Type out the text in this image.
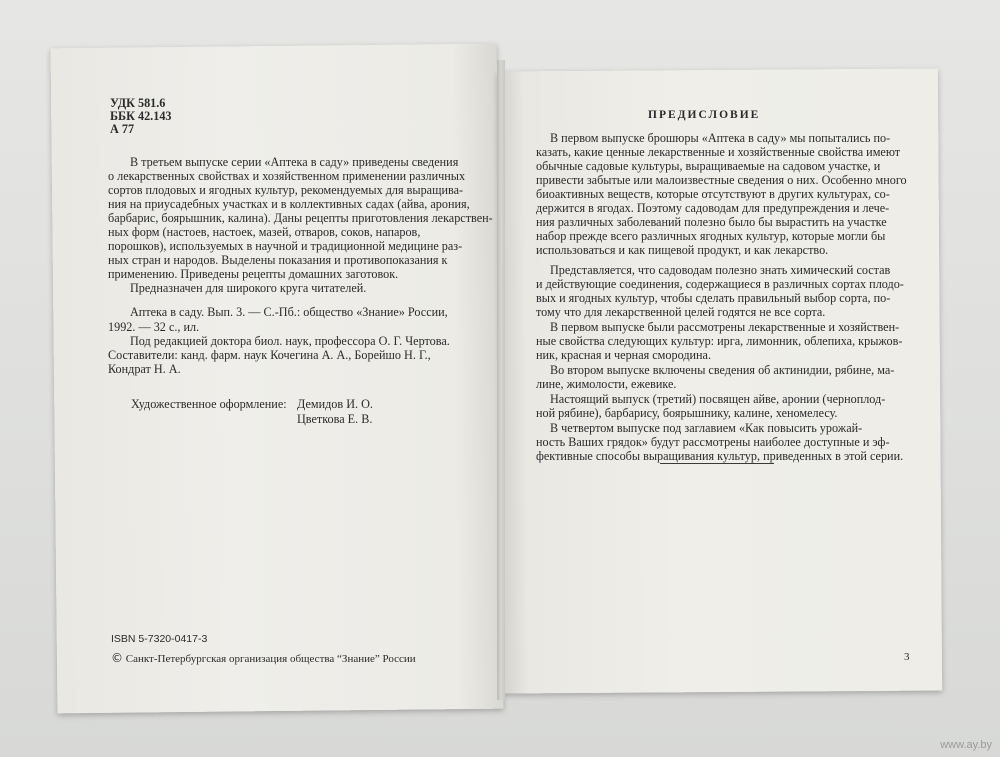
УДК 581.6
ББК 42.143
А 77
В третьем выпуске серии «Аптека в саду» приведены сведения
о лекарственных свойствах и хозяйственном применении различных
сортов плодовых и ягодных культур, рекомендуемых для выращива-
ния на приусадебных участках и в коллективных садах (айва, арония,
барбарис, боярышник, калина). Даны рецепты приготовления лекарствен-
ных форм (настоев, настоек, мазей, отваров, соков, напаров,
порошков), используемых в научной и традиционной медицине раз-
ных стран и народов. Выделены показания и противопоказания к
применению. Приведены рецепты домашних заготовок.
Предназначен для широкого круга читателей.
Аптека в саду. Вып. 3. — С.-Пб.: общество «Знание» России,
1992. — 32 с., ил.
Под редакцией доктора биол. наук, профессора О. Г. Чертова.
Составители: канд. фарм. наук Кочегина А. А., Борейшо Н. Г.,
Кондрат Н. А.
Художественное оформление: Демидов И. О.
Цветкова Е. В.
ISBN 5-7320-0417-3
© Санкт-Петербургская организация общества “Знание” России
ПРЕДИСЛОВИЕ
В первом выпуске брошюры «Аптека в саду» мы попытались по-
казать, какие ценные лекарственные и хозяйственные свойства имеют
обычные садовые культуры, выращиваемые на садовом участке, и
привести забытые или малоизвестные сведения о них. Особенно много
биоактивных веществ, которые отсутствуют в других культурах, со-
держится в ягодах. Поэтому садоводам для предупреждения и лече-
ния различных заболеваний полезно было бы вырастить на участке
набор прежде всего различных ягодных культур, которые могли бы
использоваться и как пищевой продукт, и как лекарство.
Представляется, что садоводам полезно знать химический состав
и действующие соединения, содержащиеся в различных сортах плодо-
вых и ягодных культур, чтобы сделать правильный выбор сорта, по-
тому что для лекарственной целей годятся не все сорта.
В первом выпуске были рассмотрены лекарственные и хозяйствен-
ные свойства следующих культур: ирга, лимонник, облепиха, крыжов-
ник, красная и черная смородина.
Во втором выпуске включены сведения об актинидии, рябине, ма-
лине, жимолости, ежевике.
Настоящий выпуск (третий) посвящен айве, аронии (черноплод-
ной рябине), барбарису, боярышнику, калине, хеномелесу.
В четвертом выпуске под заглавием «Как повысить урожай-
ность Ваших грядок» будут рассмотрены наиболее доступные и эф-
фективные способы выращивания культур, приведенных в этой серии.
3
www.ay.by
